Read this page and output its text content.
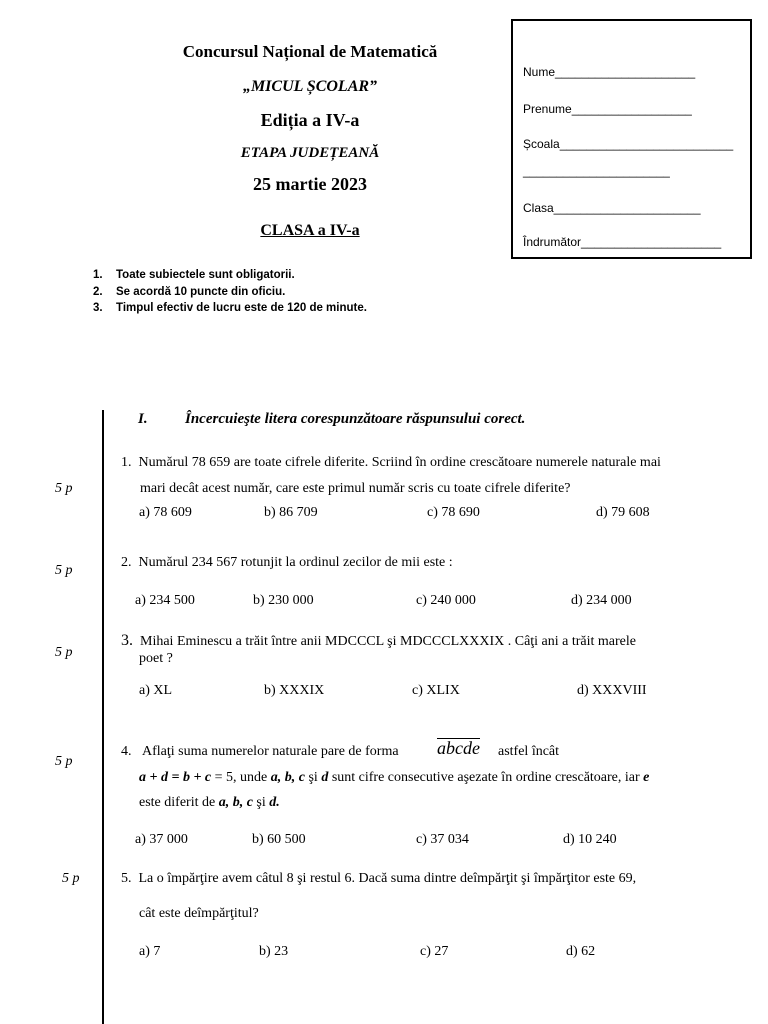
Concursul Național de Matematică
„MICUL ȘCOLAR”
Ediția a IV-a
ETAPA JUDEȚEANĂ
25 martie 2023
CLASA a IV-a
Nume_____________________
Prenume__________________
Școala__________________________
______________________
Clasa______________________
Îndrumător_____________________
1. Toate subiectele sunt obligatorii.
2. Se acordă 10 puncte din oficiu.
3. Timpul efectiv de lucru este de 120 de minute.
I. Încercuieşte litera corespunzătoare răspunsului corect.
5 p
1. Numărul 78 659 are toate cifrele diferite. Scriind în ordine crescătoare numerele naturale mai
mari decât acest număr, care este primul număr scris cu toate cifrele diferite?
a) 78 609	b) 86 709	c) 78 690	d) 79 608
5 p
2. Numărul 234 567 rotunjit la ordinul zecilor de mii este :
a) 234 500	b) 230 000	c) 240 000	d) 234 000
5 p
3. Mihai Eminescu a trăit între anii MDCCCL şi MDCCCLXXXIX . Câţi ani a trăit marele
poet ?
a) XL	b) XXXIX	c) XLIX	d) XXXVIII
5 p
4. Aflaţi suma numerelor naturale pare de forma abcde astfel încât
a + d = b + c = 5, unde a, b, c şi d sunt cifre consecutive aşezate în ordine crescătoare, iar e
este diferit de a, b, c şi d.
a) 37 000	b) 60 500	c) 37 034	d) 10 240
5 p	5. La o împărţire avem câtul 8 şi restul 6. Dacă suma dintre deîmpărţit şi împărţitor este 69,
cât este deîmpărţitul?
a) 7	b) 23	c) 27	d) 62
